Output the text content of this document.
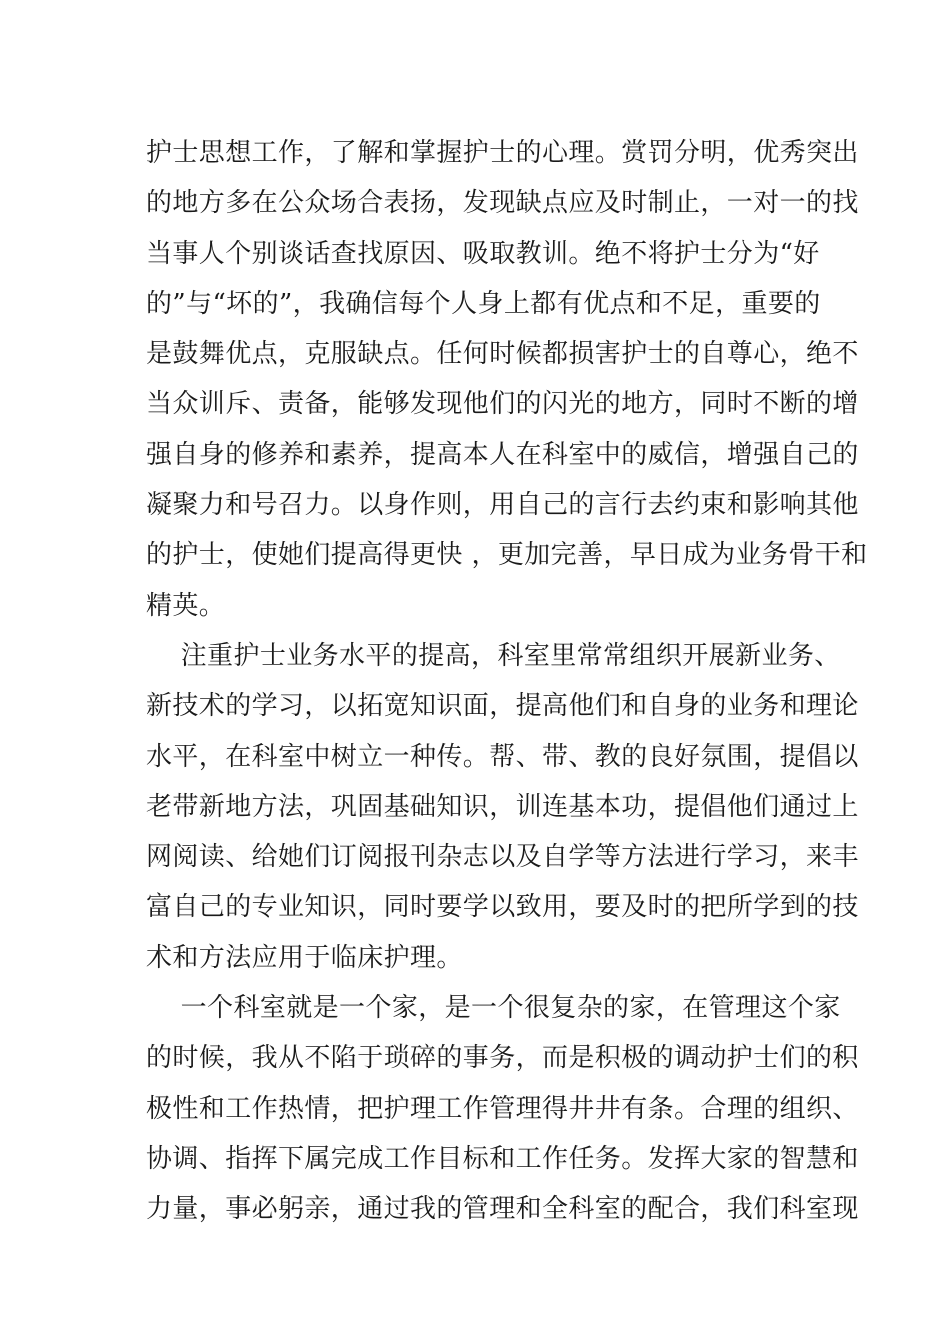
护士思想工作，了解和掌握护士的心理。赏罚分明，优秀突出
的地方多在公众场合表扬，发现缺点应及时制止，一对一的找
当事人个别谈话查找原因、吸取教训。绝不将护士分为“好
的”与“坏的”，我确信每个人身上都有优点和不足，重要的
是鼓舞优点，克服缺点。任何时候都损害护士的自尊心，绝不
当众训斥、责备，能够发现他们的闪光的地方，同时不断的增
强自身的修养和素养，提高本人在科室中的威信，增强自己的
凝聚力和号召力。以身作则，用自己的言行去约束和影响其他
的护士，使她们提高得更快 ，更加完善，早日成为业务骨干和
精英。
注重护士业务水平的提高，科室里常常组织开展新业务、
新技术的学习，以拓宽知识面，提高他们和自身的业务和理论
水平，在科室中树立一种传。帮、带、教的良好氛围，提倡以
老带新地方法，巩固基础知识，训连基本功，提倡他们通过上
网阅读、给她们订阅报刊杂志以及自学等方法进行学习，来丰
富自己的专业知识，同时要学以致用，要及时的把所学到的技
术和方法应用于临床护理。
一个科室就是一个家，是一个很复杂的家，在管理这个家
的时候，我从不陷于琐碎的事务，而是积极的调动护士们的积
极性和工作热情，把护理工作管理得井井有条。合理的组织、
协调、指挥下属完成工作目标和工作任务。发挥大家的智慧和
力量，事必躬亲，通过我的管理和全科室的配合，我们科室现
